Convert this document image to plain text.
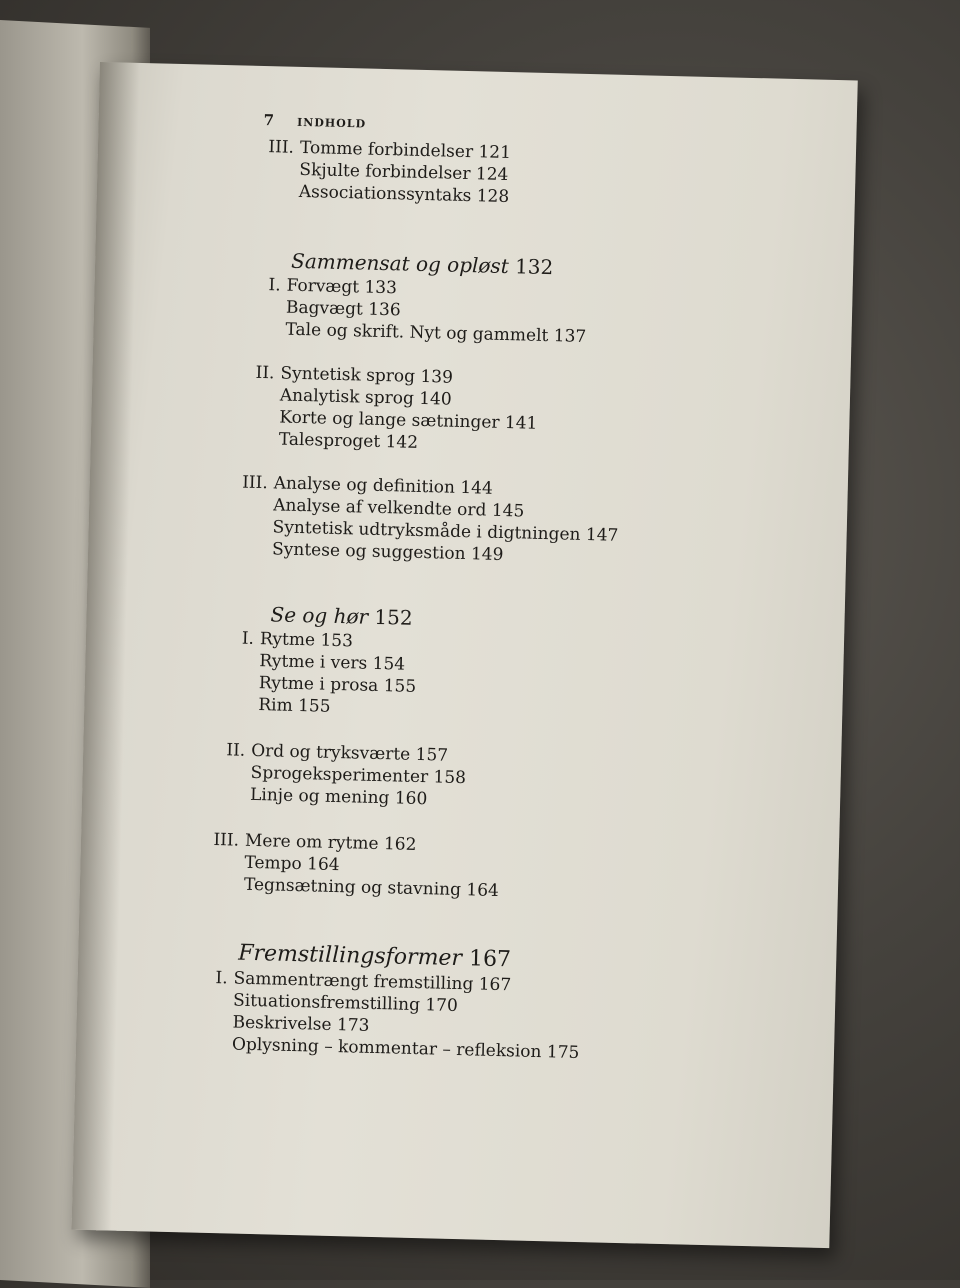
7 INDHOLD
III. Tomme forbindelser 121
Skjulte forbindelser 124
Associationssyntaks 128
Sammensat og opløst 132
I. Forvægt 133
Bagvægt 136
Tale og skrift. Nyt og gammelt 137
II. Syntetisk sprog 139
Analytisk sprog 140
Korte og lange sætninger 141
Talesproget 142
III. Analyse og definition 144
Analyse af velkendte ord 145
Syntetisk udtryksmåde i digtningen 147
Syntese og suggestion 149
Se og hør 152
I. Rytme 153
Rytme i vers 154
Rytme i prosa 155
Rim 155
II. Ord og tryksværte 157
Sprogeksperimenter 158
Linje og mening 160
III. Mere om rytme 162
Tempo 164
Tegnsætning og stavning 164
Fremstillingsformer 167
I. Sammentrængt fremstilling 167
Situationsfremstilling 170
Beskrivelse 173
Oplysning – kommentar – refleksion 175
